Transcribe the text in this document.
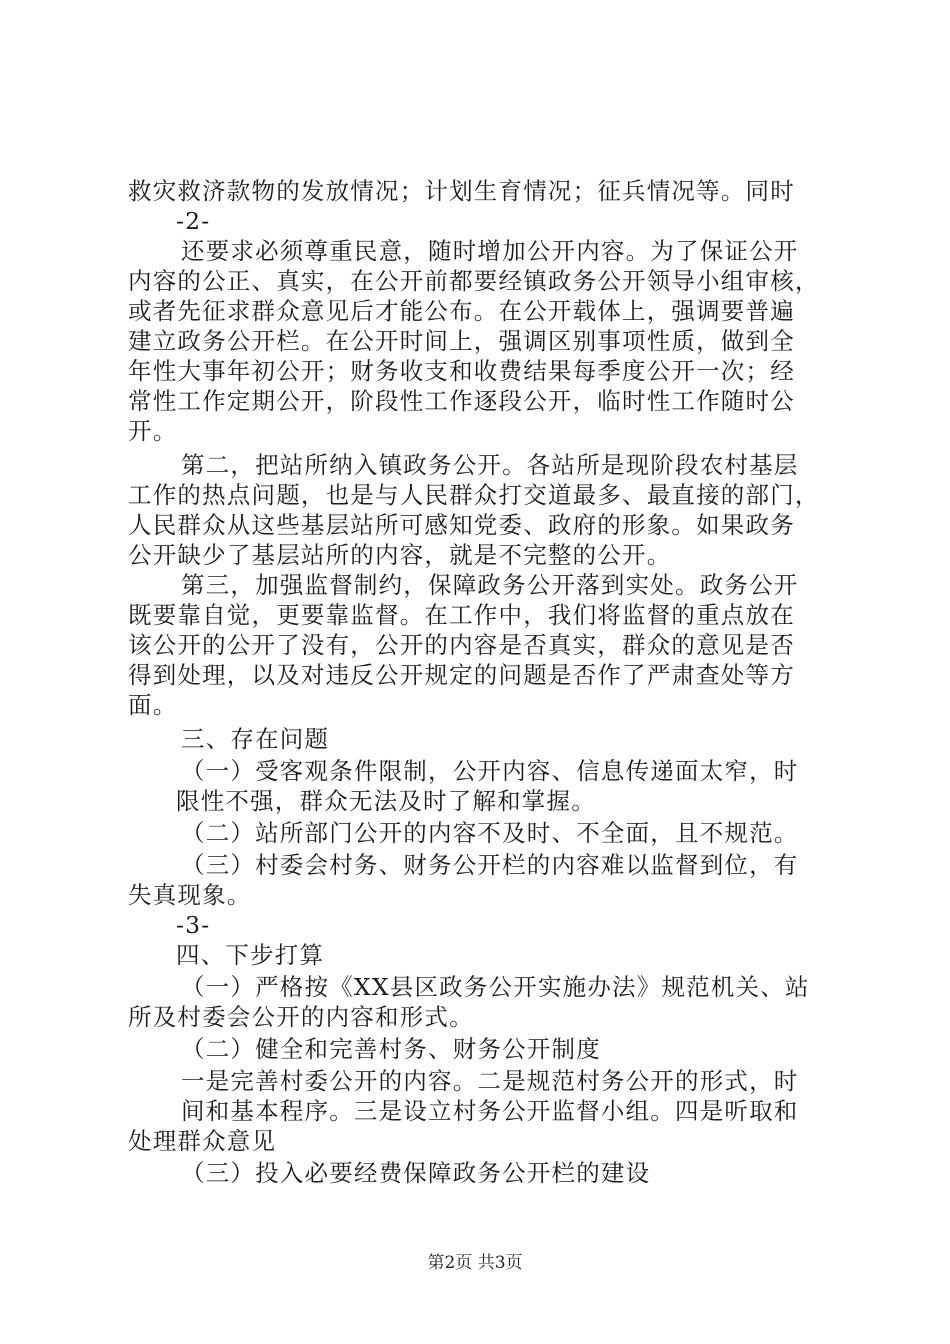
救灾救济款物的发放情况；计划生育情况；征兵情况等。同时
-2-
还要求必须尊重民意，随时增加公开内容。为了保证公开
内容的公正、真实，在公开前都要经镇政务公开领导小组审核，
或者先征求群众意见后才能公布。在公开载体上，强调要普遍
建立政务公开栏。在公开时间上，强调区别事项性质，做到全
年性大事年初公开；财务收支和收费结果每季度公开一次；经
常性工作定期公开，阶段性工作逐段公开，临时性工作随时公
开。
第二，把站所纳入镇政务公开。各站所是现阶段农村基层
工作的热点问题，也是与人民群众打交道最多、最直接的部门，
人民群众从这些基层站所可感知党委、政府的形象。如果政务
公开缺少了基层站所的内容，就是不完整的公开。
第三，加强监督制约，保障政务公开落到实处。政务公开
既要靠自觉，更要靠监督。在工作中，我们将监督的重点放在
该公开的公开了没有，公开的内容是否真实，群众的意见是否
得到处理，以及对违反公开规定的问题是否作了严肃查处等方
面。
三、存在问题
（一）受客观条件限制，公开内容、信息传递面太窄，时
限性不强，群众无法及时了解和掌握。
（二）站所部门公开的内容不及时、不全面，且不规范。
（三）村委会村务、财务公开栏的内容难以监督到位，有
失真现象。
-3-
四、下步打算
（一）严格按《XX县区政务公开实施办法》规范机关、站
所及村委会公开的内容和形式。
（二）健全和完善村务、财务公开制度
一是完善村委公开的内容。二是规范村务公开的形式，时
间和基本程序。三是设立村务公开监督小组。四是听取和
处理群众意见
（三）投入必要经费保障政务公开栏的建设
第2页 共3页
